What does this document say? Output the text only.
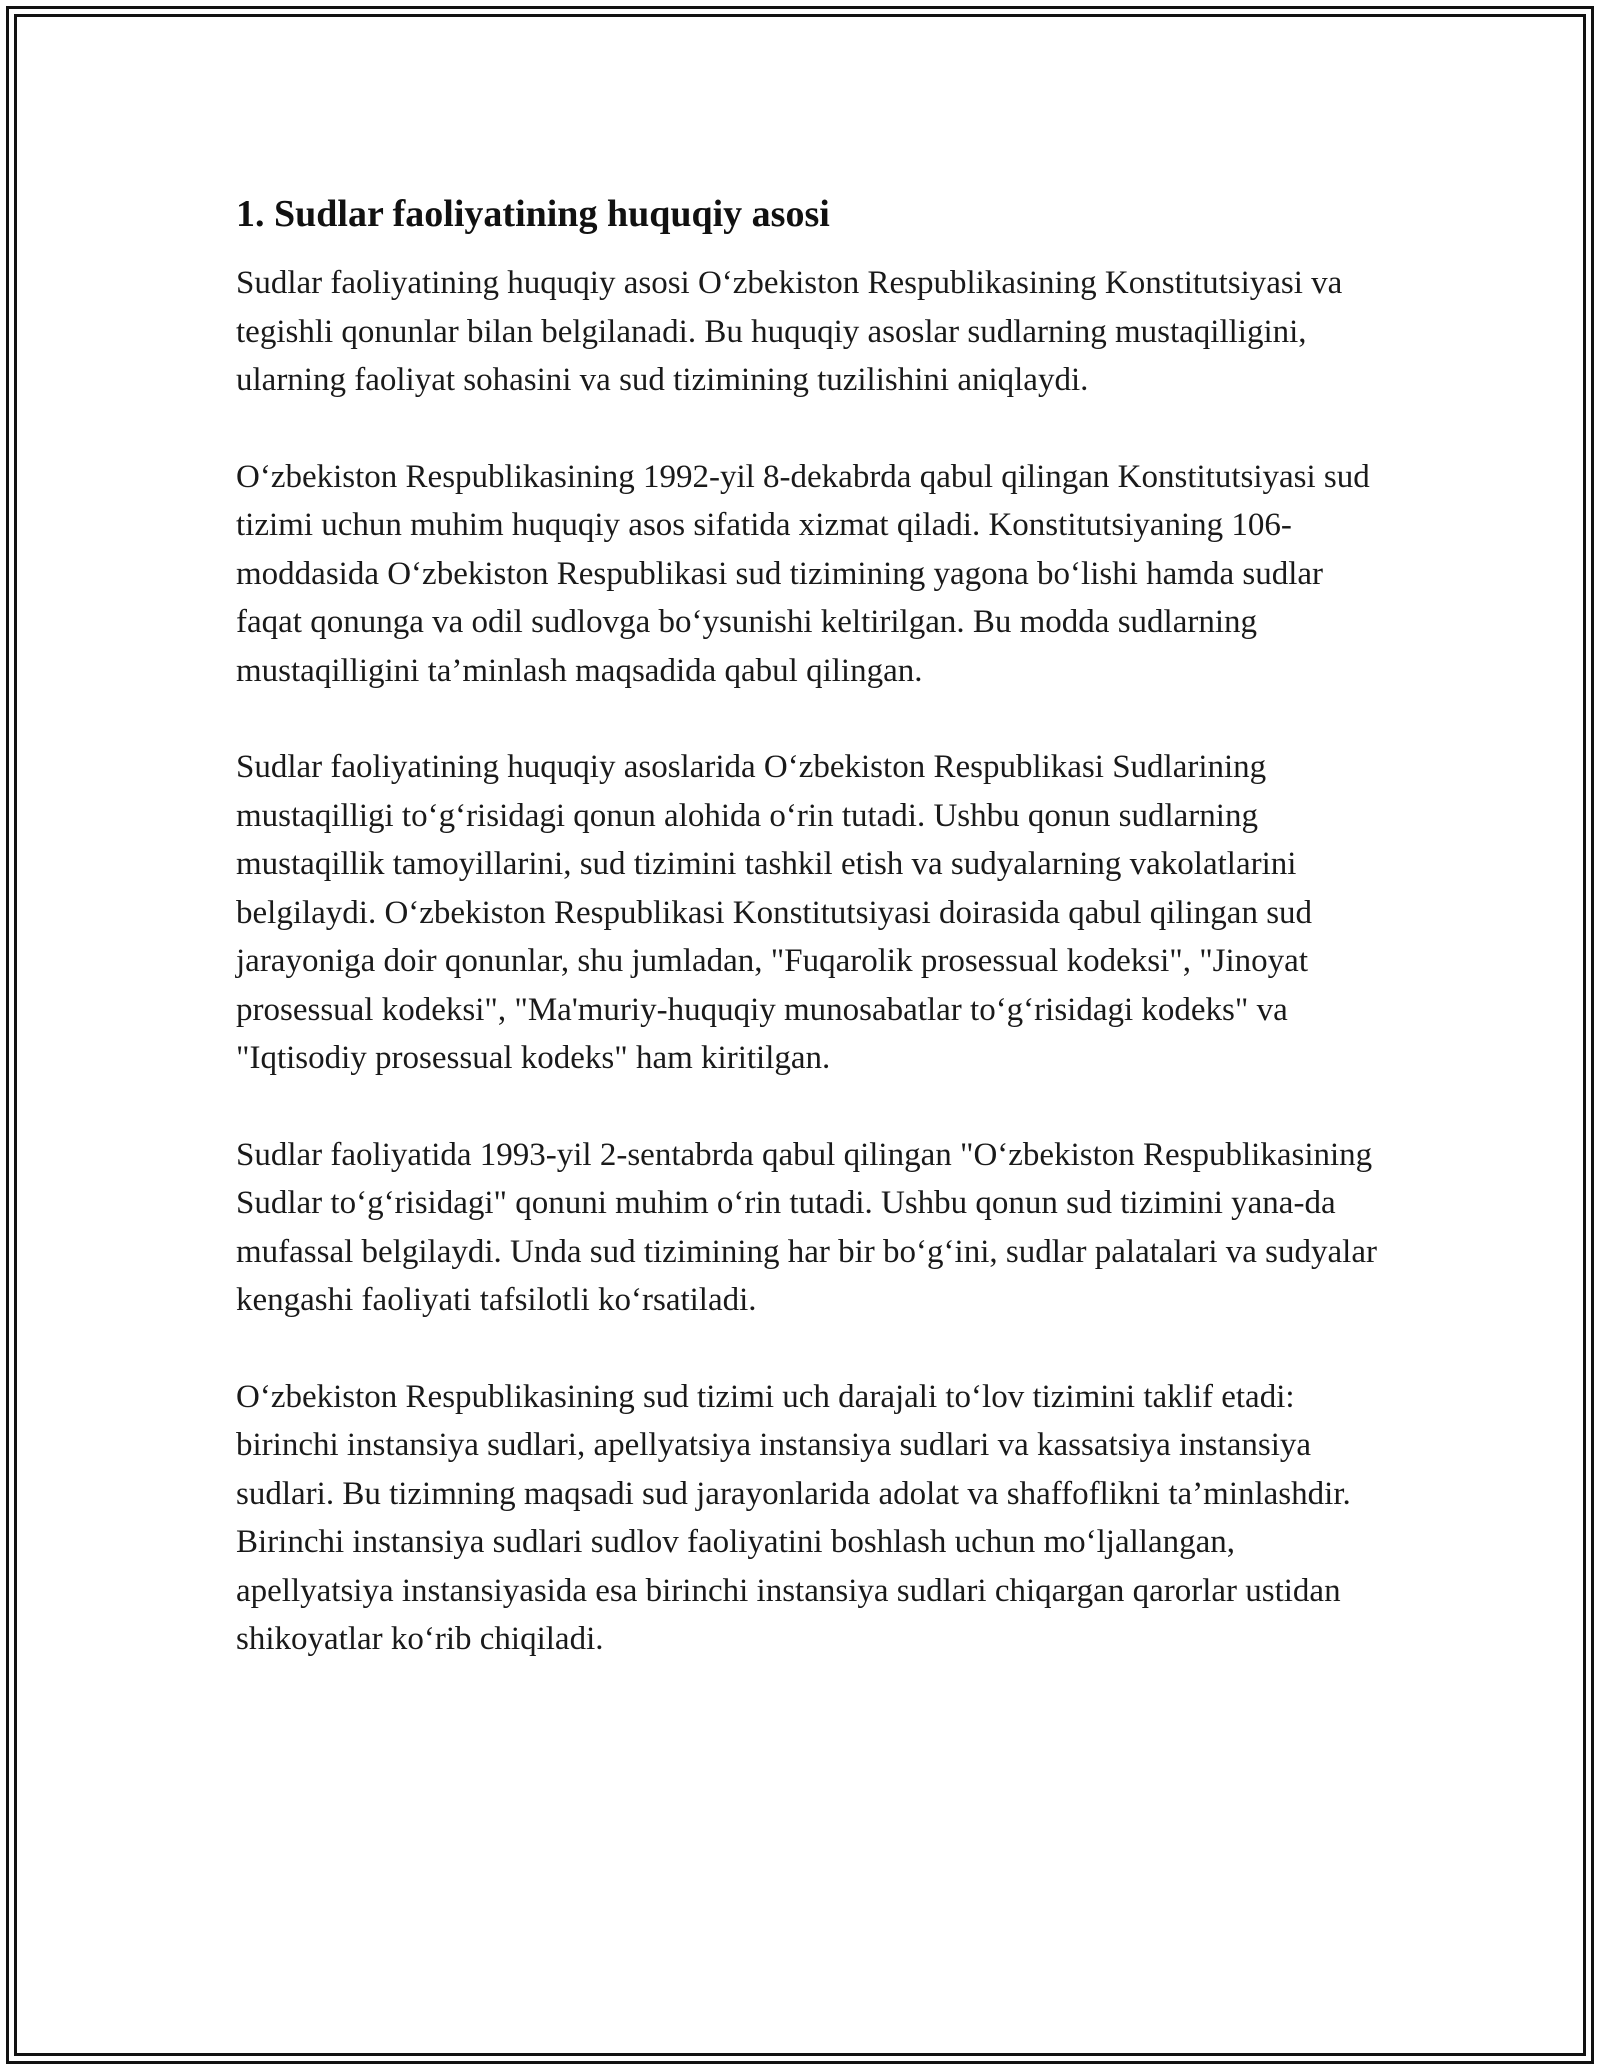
1. Sudlar faoliyatining huquqiy asosi

Sudlar faoliyatining huquqiy asosi O‘zbekiston Respublikasining Konstitutsiyasi va tegishli qonunlar bilan belgilanadi. Bu huquqiy asoslar sudlarning mustaqilligini, ularning faoliyat sohasini va sud tizimining tuzilishini aniqlaydi.

O‘zbekiston Respublikasining 1992-yil 8-dekabrda qabul qilingan Konstitutsiyasi sud tizimi uchun muhim huquqiy asos sifatida xizmat qiladi. Konstitutsiyaning 106-moddasida O‘zbekiston Respublikasi sud tizimining yagona bo‘lishi hamda sudlar faqat qonunga va odil sudlovga bo‘ysunishi keltirilgan. Bu modda sudlarning mustaqilligini ta’minlash maqsadida qabul qilingan.

Sudlar faoliyatining huquqiy asoslarida O‘zbekiston Respublikasi Sudlarining mustaqilligi to‘g‘risidagi qonun alohida o‘rin tutadi. Ushbu qonun sudlarning mustaqillik tamoyillarini, sud tizimini tashkil etish va sudyalarning vakolatlarini belgilaydi. O‘zbekiston Respublikasi Konstitutsiyasi doirasida qabul qilingan sud jarayoniga doir qonunlar, shu jumladan, "Fuqarolik prosessual kodeksi", "Jinoyat prosessual kodeksi", "Ma'muriy-huquqiy munosabatlar to‘g‘risidagi kodeks" va "Iqtisodiy prosessual kodeks" ham kiritilgan.

Sudlar faoliyatida 1993-yil 2-sentabrda qabul qilingan "O‘zbekiston Respublikasining Sudlar to‘g‘risidagi" qonuni muhim o‘rin tutadi. Ushbu qonun sud tizimini yana-da mufassal belgilaydi. Unda sud tizimining har bir bo‘g‘ini, sudlar palatalari va sudyalar kengashi faoliyati tafsilotli ko‘rsatiladi.

O‘zbekiston Respublikasining sud tizimi uch darajali to‘lov tizimini taklif etadi: birinchi instansiya sudlari, apellyatsiya instansiya sudlari va kassatsiya instansiya sudlari. Bu tizimning maqsadi sud jarayonlarida adolat va shaffoflikni ta’minlashdir. Birinchi instansiya sudlari sudlov faoliyatini boshlash uchun mo‘ljallangan, apellyatsiya instansiyasida esa birinchi instansiya sudlari chiqargan qarorlar ustidan shikoyatlar ko‘rib chiqiladi.
